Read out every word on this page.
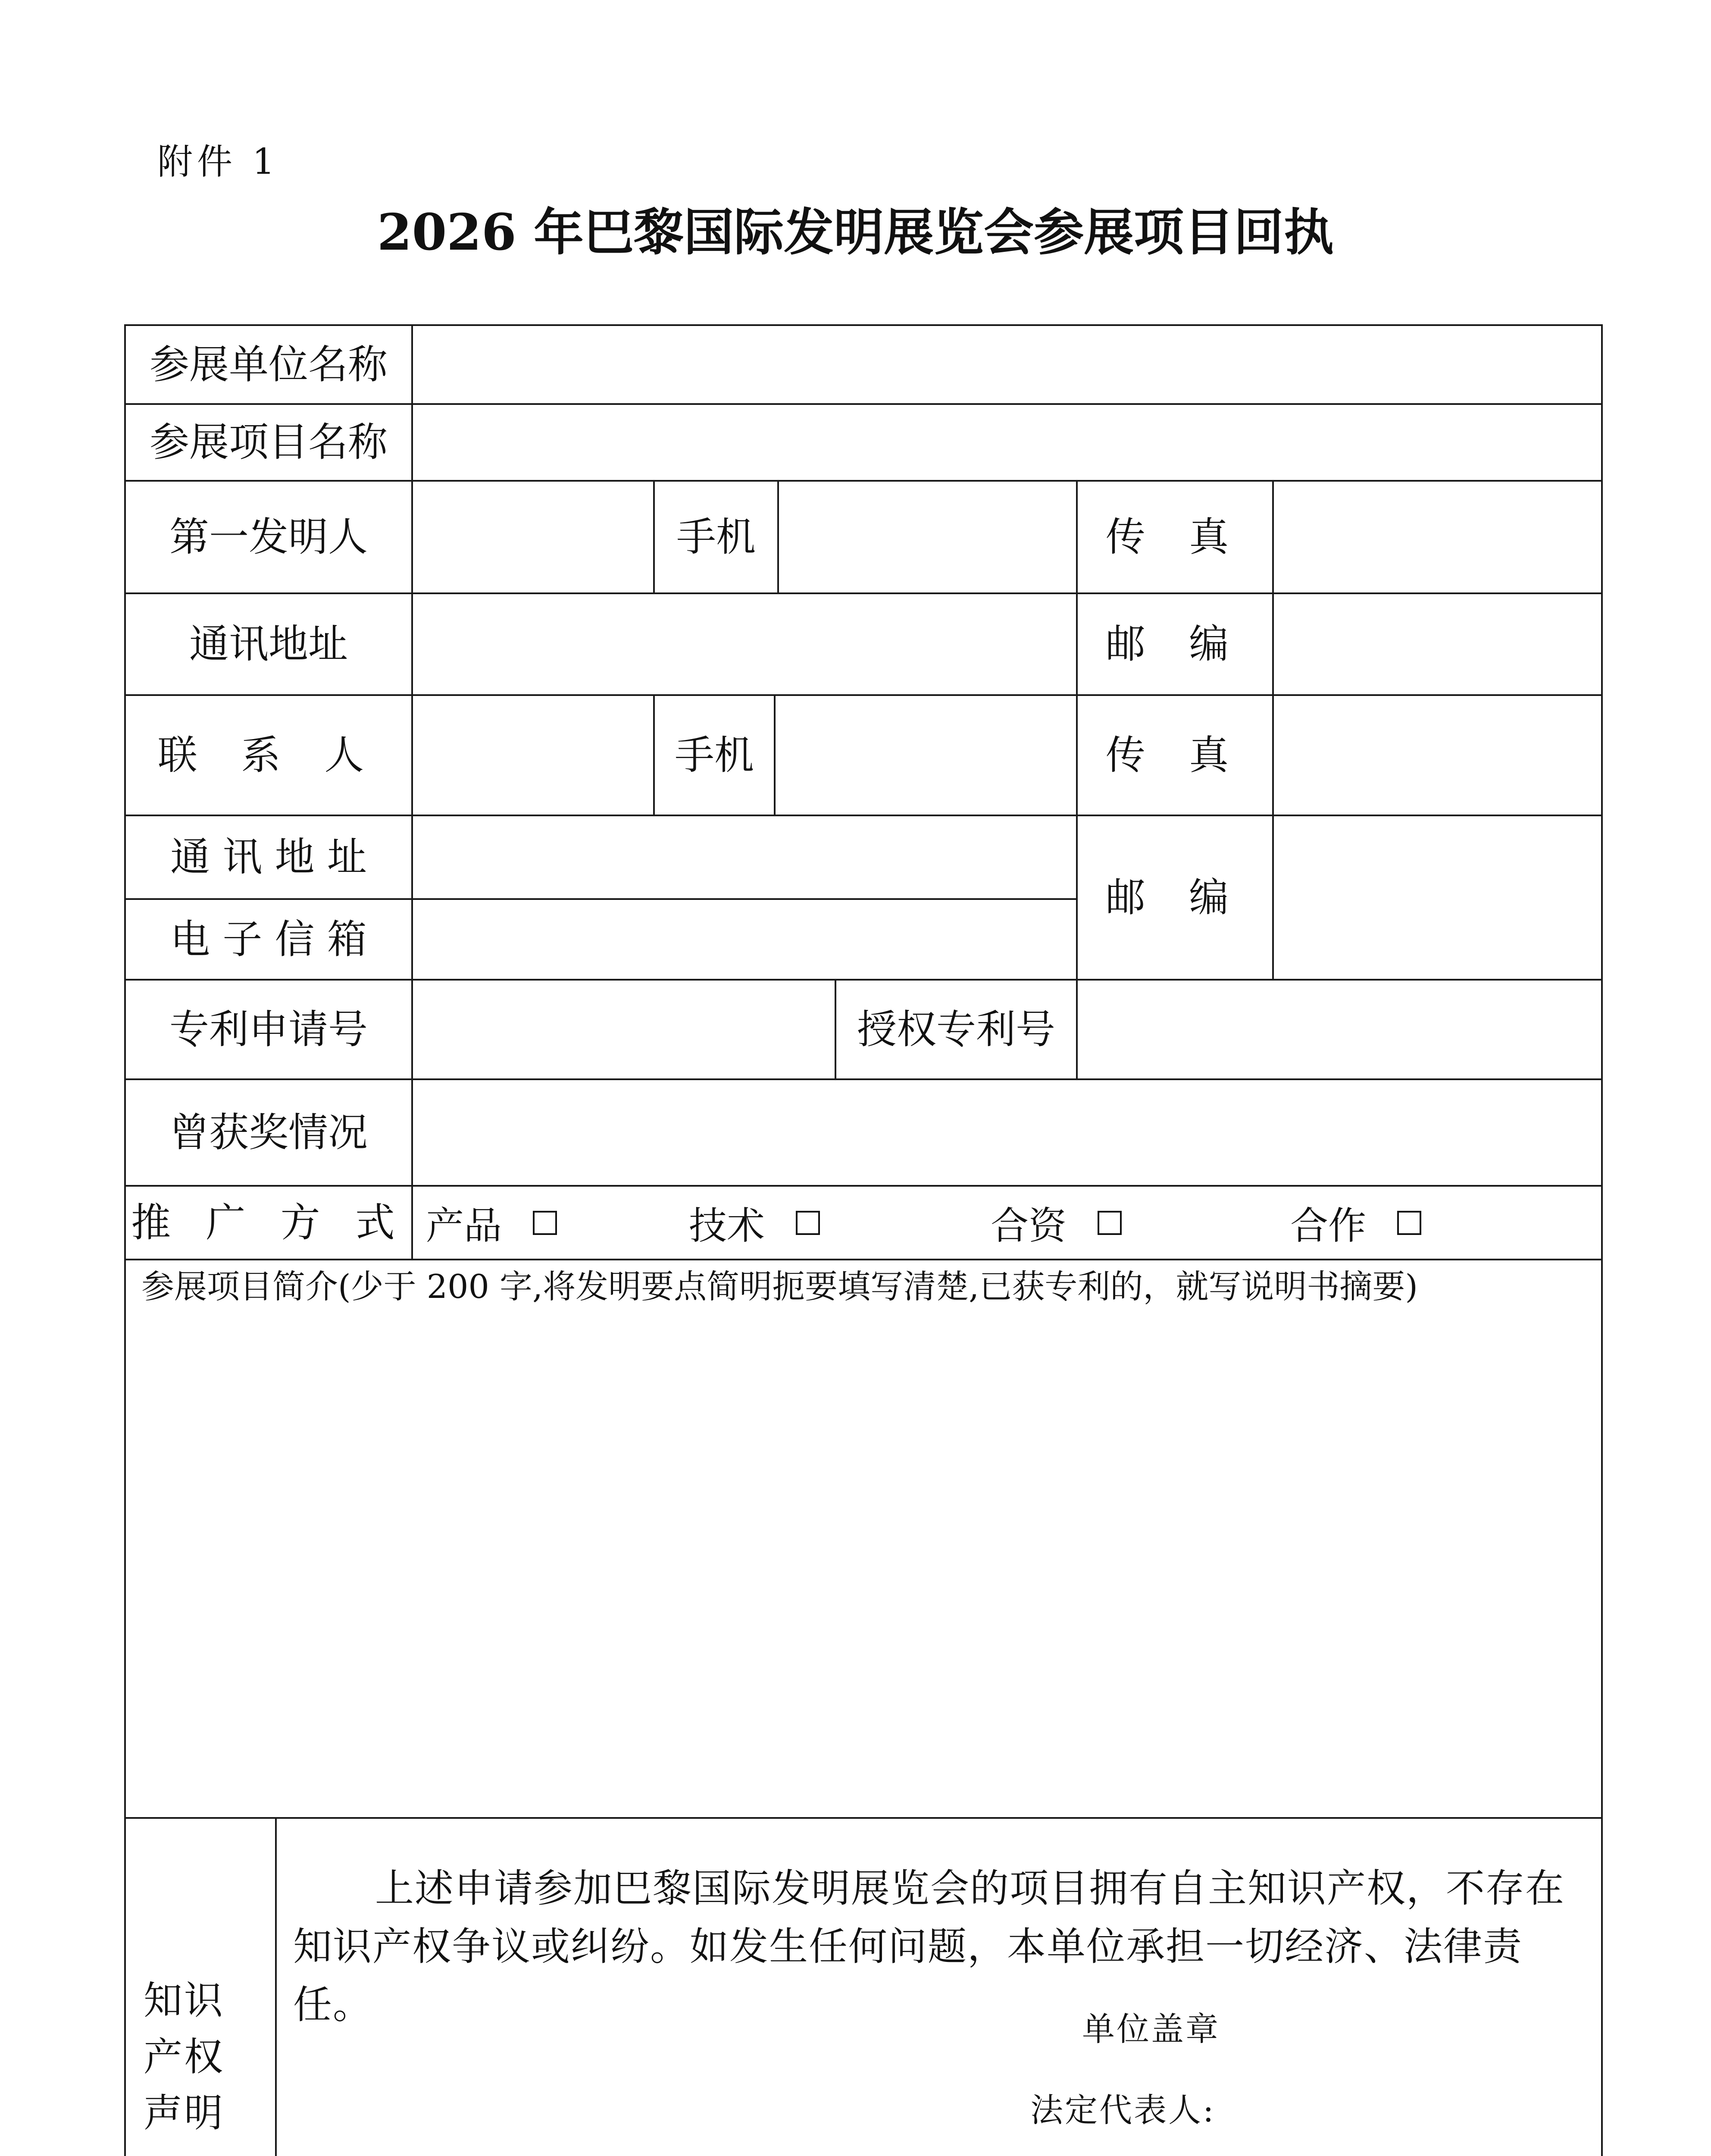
附件 1
2026 年巴黎国际发明展览会参展项目回执
参展单位名称
参展项目名称
第一发明人	手机	传 真
通讯地址	邮 编
联 系 人	手机	传 真
通 讯 地 址
电 子 信 箱
邮 编
专利申请号	授权专利号
曾获奖情况
推 广 方 式 产品	技术	合资	合作
参展项目简介(少于 200 字,将发明要点简明扼要填写清楚,已获专利的，就写说明书摘要)
知识
产权
声明
上述申请参加巴黎国际发明展览会的项目拥有自主知识产权，不存在知识产权争议或纠纷。如发生任何问题，本单位承担一切经济、法律责任。
单位盖章
法定代表人:
